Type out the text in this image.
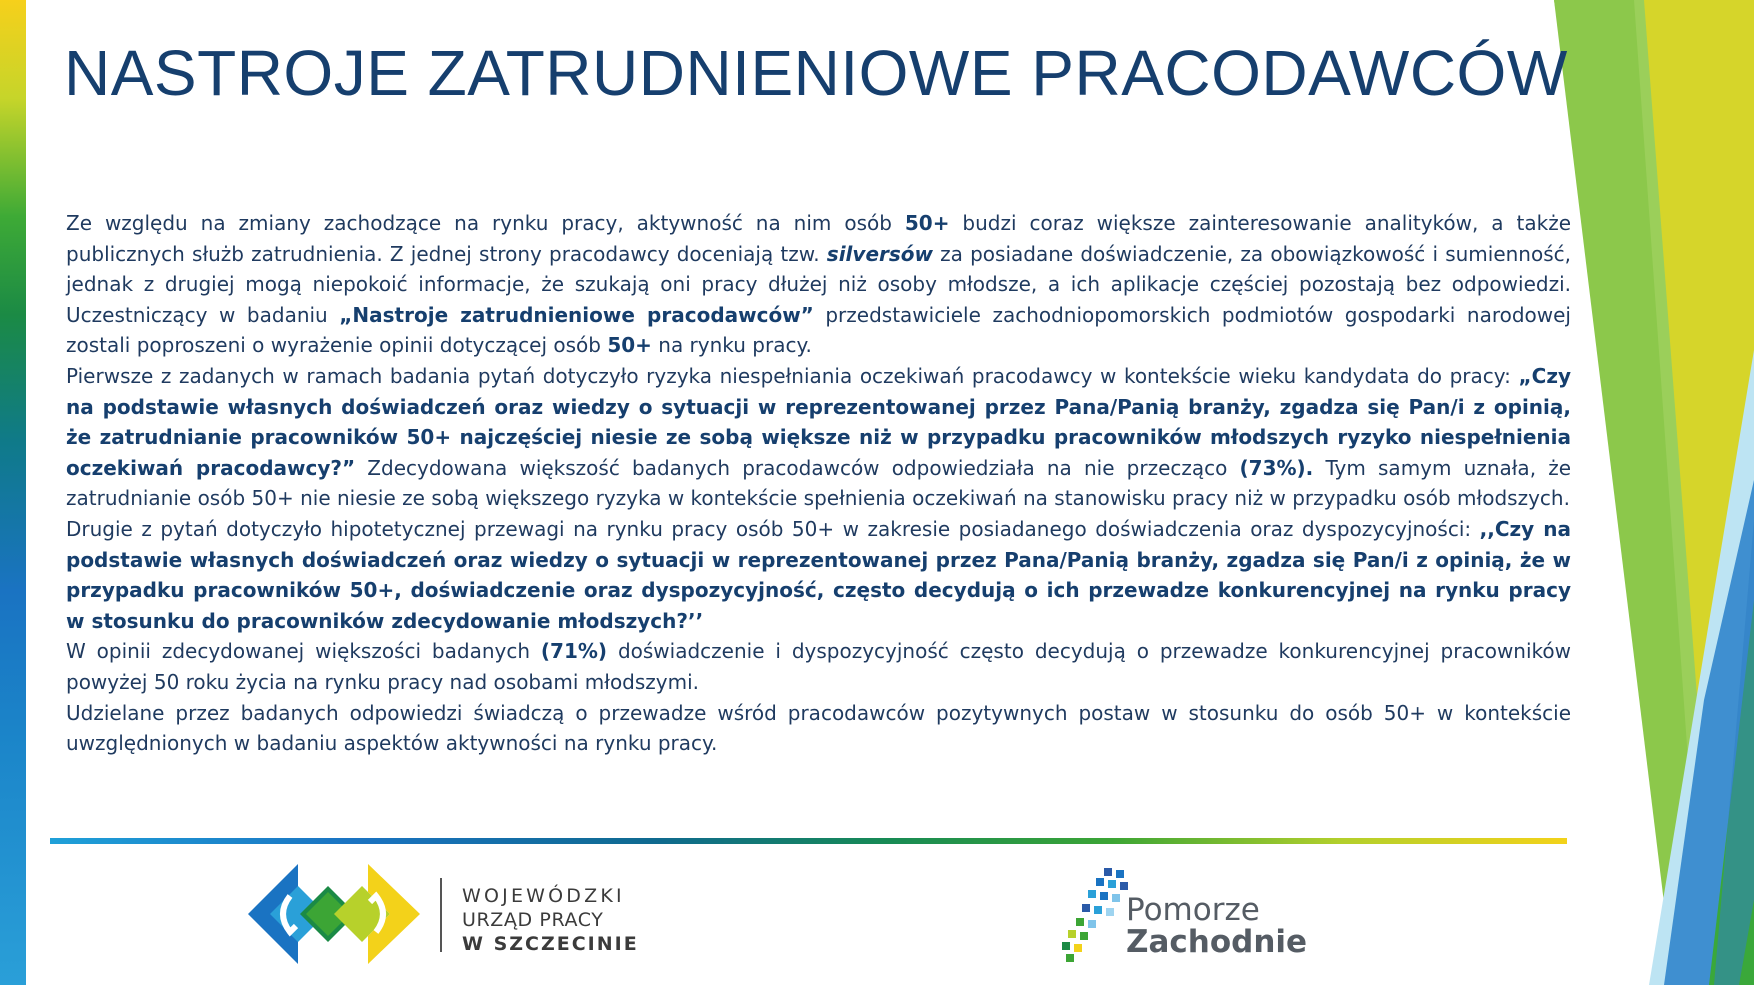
NASTROJE ZATRUDNIENIOWE PRACODAWCÓW

Ze względu na zmiany zachodzące na rynku pracy, aktywność na nim osób 50+ budzi coraz większe zainteresowanie analityków, a także publicznych służb zatrudnienia. Z jednej strony pracodawcy doceniają tzw. silversów za posiadane doświadczenie, za obowiązkowość i sumienność, jednak z drugiej mogą niepokoić informacje, że szukają oni pracy dłużej niż osoby młodsze, a ich aplikacje częściej pozostają bez odpowiedzi. Uczestniczący w badaniu „Nastroje zatrudnieniowe pracodawców” przedstawiciele zachodniopomorskich podmiotów gospodarki narodowej zostali poproszeni o wyrażenie opinii dotyczącej osób 50+ na rynku pracy.

Pierwsze z zadanych w ramach badania pytań dotyczyło ryzyka niespełniania oczekiwań pracodawcy w kontekście wieku kandydata do pracy: „Czy na podstawie własnych doświadczeń oraz wiedzy o sytuacji w reprezentowanej przez Pana/Panią branży, zgadza się Pan/i z opinią, że zatrudnianie pracowników 50+ najczęściej niesie ze sobą większe niż w przypadku pracowników młodszych ryzyko niespełnienia oczekiwań pracodawcy?” Zdecydowana większość badanych pracodawców odpowiedziała na nie przecząco (73%). Tym samym uznała, że zatrudnianie osób 50+ nie niesie ze sobą większego ryzyka w kontekście spełnienia oczekiwań na stanowisku pracy niż w przypadku osób młodszych.

Drugie z pytań dotyczyło hipotetycznej przewagi na rynku pracy osób 50+ w zakresie posiadanego doświadczenia oraz dyspozycyjności: ,,Czy na podstawie własnych doświadczeń oraz wiedzy o sytuacji w reprezentowanej przez Pana/Panią branży, zgadza się Pan/i z opinią, że w przypadku pracowników 50+, doświadczenie oraz dyspozycyjność, często decydują o ich przewadze konkurencyjnej na rynku pracy w stosunku do pracowników zdecydowanie młodszych?’’

W opinii zdecydowanej większości badanych (71%) doświadczenie i dyspozycyjność często decydują o przewadze konkurencyjnej pracowników powyżej 50 roku życia na rynku pracy nad osobami młodszymi.

Udzielane przez badanych odpowiedzi świadczą o przewadze wśród pracodawców pozytywnych postaw w stosunku do osób 50+ w kontekście uwzględnionych w badaniu aspektów aktywności na rynku pracy.

WOJEWÓDZKI
URZĄD PRACY
W SZCZECINIE
Pomorze
Zachodnie
